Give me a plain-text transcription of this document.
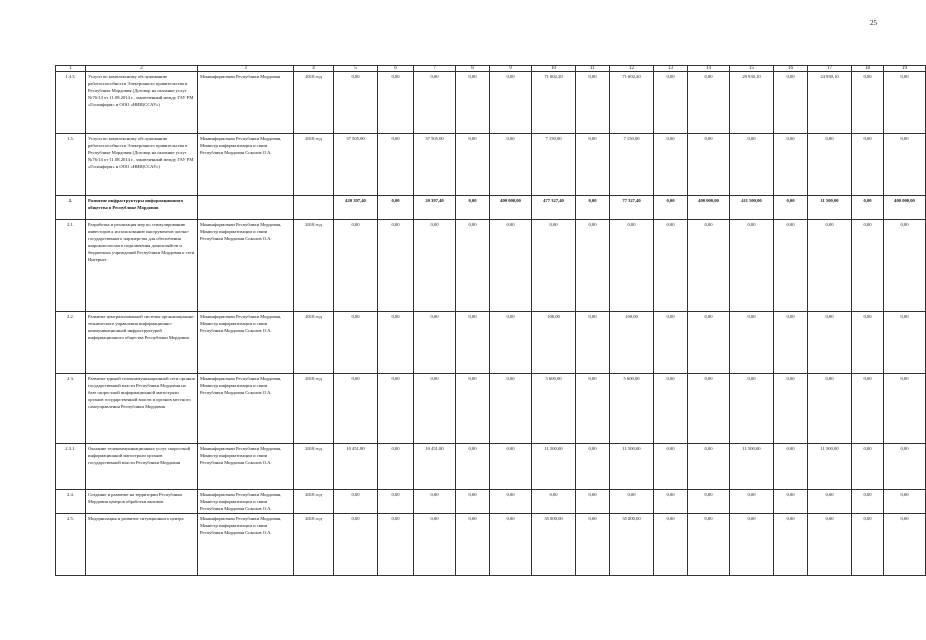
25
1	2	3	4	5	6	7	8	9	10	11	12	13	14	15	16	17	18	19
1.4.3.	Услуги по комплексному обслуживанию работоспособности Электронного правительства в Республике Мордовия (Договор на оказание услуг №76/14 от 11.08.2014 г., заключенный между ГАУ РМ «Госинформ» и ООО «НИИ(ССАУ»)	Мининформсвязи Республики Мордовия	2018 год	0,00	0,00	0,00	0,00	0,00	71 602,20	0,00	71 602,20	0,00	0,00	29 930,10	0,00	24 930,10	0,00	0,00
1.5.	Услуги по комплексному обслуживанию работоспособности Электронного правительства в Республике Мордовия (Договор на оказание услуг №76/14 от 11.08.2014 г., заключенный между ГАУ РМ «Госинформ» и ООО «НИИ(ССАУ»)	Мининформсвязи Республики Мордовия, Министр информатизации и связи Республики Мордовия Соколов О.А.	2018 год	37 505,00	0,00	37 505,00	0,00	0,00	7 150,00	0,00	7 150,00	0,00	0,00	0,00	0,00	0,00	0,00	0,00
2.	Развитие инфраструктуры информационного общества в Республике Мордовия			420 397,40	0,00	20 397,40	0,00	400 000,00	477 327,40	0,00	77 327,40	0,00	400 000,00	411 500,00	0,00	11 500,00	0,00	400 000,00
2.1.	Разработка и реализация мер по стимулированию инвесторов к использованию инструментов частно-государственного партнерства для обеспечения широкополосного подключения домохозяйств и бюджетных учреждений Республики Мордовия к сети Интернет	Мининформсвязи Республики Мордовия, Министр информатизации и связи Республики Мордовия Соколов О.А.	2018 год	0,00	0,00	0,00	0,00	0,00	0,00	0,00	0,00	0,00	0,00	0,00	0,00	0,00	0,00	0,00
2.2.	Развитие централизованной системы организационно-технического управления информационно-коммуникационной инфраструктурой информационного общества Республики Мордовия	Мининформсвязи Республики Мордовия, Министр информатизации и связи Республики Мордовия Соколов О.А.	2018 год	0,00	0,00	0,00	0,00	0,00	100,00	0,00	100,00	0,00	0,00	0,00	0,00	0,00	0,00	0,00
2.3.	Развитие единой телекоммуникационной сети органов государственной власти Республики Мордовия на базе скоростной информационной магистрали органов государственной власти и органов местного самоуправления Республики Мордовия	Мининформсвязи Республики Мордовия, Министр информатизации и связи Республики Мордовия Соколов О.А.	2018 год	0,00	0,00	0,00	0,00	0,00	5 600,00	0,00	5 600,00	0,00	0,00	0,00	0,00	0,00	0,00	0,00
2.3.1.	Оказание телекоммуникационных услуг скоростной информационной магистрали органов государственной власти Республики Мордовия	Мининформсвязи Республики Мордовия, Министр информатизации и связи Республики Мордовия Соколов О.А.	2018 год	10 451,80	0,00	10 451,80	0,00	0,00	11 500,00	0,00	11 500,00	0,00	0,00	11 500,00	0,00	11 500,00	0,00	0,00
2.4.	Создание и развитие на территории Республики Мордовия центров обработки вызовов	Мининформсвязи Республики Мордовия, Министр информатизации и связи Республики Мордовия Соколов О.А.	2018 год	0,00	0,00	0,00	0,00	0,00	0,00	0,00	0,00	0,00	0,00	0,00	0,00	0,00	0,00	0,00
2.5.	Модернизация и развитие ситуационного центра	Мининформсвязи Республики Мордовия, Министр информатизации и связи Республики Мордовия Соколов О.А.	2018 год	0,00	0,00	0,00	0,00	0,00	35 000,00	0,00	35 000,00	0,00	0,00	0,00	0,00	0,00	0,00	0,00
